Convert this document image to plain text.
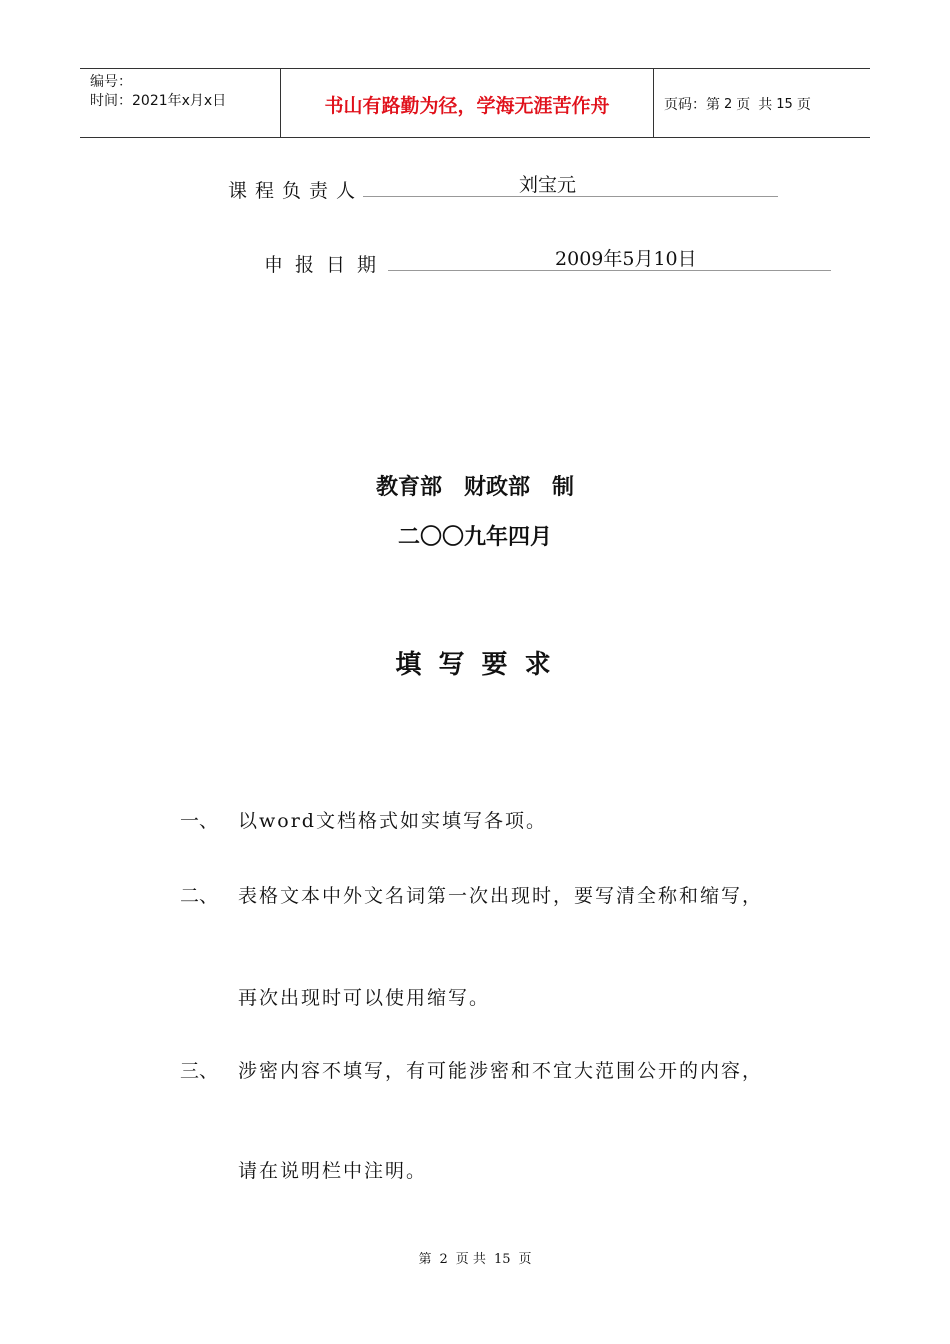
编号：
时间：2021年x月x日	书山有路勤为径，学海无涯苦作舟	页码：第 2 页 共 15 页
课程负责人	刘宝元
申报日期	2009年5月10日
教育部　财政部　制
二〇〇九年四月
填 写 要 求
一、 以word文档格式如实填写各项。
二、 表格文本中外文名词第一次出现时，要写清全称和缩写，
再次出现时可以使用缩写。
三、 涉密内容不填写，有可能涉密和不宜大范围公开的内容，
请在说明栏中注明。
第 2 页 共 15 页
